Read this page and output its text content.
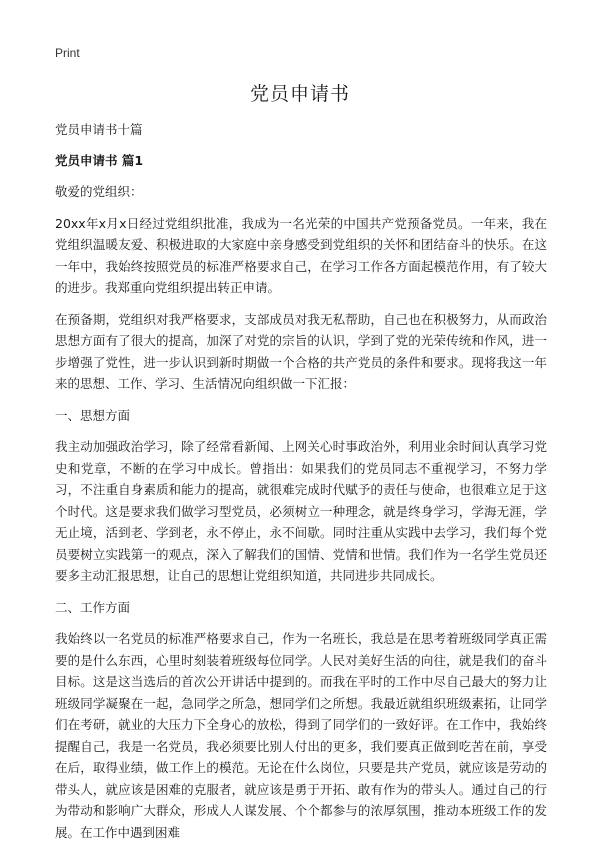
Print
党员申请书
党员申请书十篇
党员申请书 篇1

敬爱的党组织：

20xx年x月x日经过党组织批准，我成为一名光荣的中国共产党预备党员。一年来，我在党组织温暖友爱、积极进取的大家庭中亲身感受到党组织的关怀和团结奋斗的快乐。在这一年中，我始终按照党员的标准严格要求自己，在学习工作各方面起模范作用，有了较大的进步。我郑重向党组织提出转正申请。

在预备期，党组织对我严格要求，支部成员对我无私帮助，自己也在积极努力，从而政治思想方面有了很大的提高，加深了对党的宗旨的认识，学到了党的光荣传统和作风，进一步增强了党性，进一步认识到新时期做一个合格的共产党员的条件和要求。现将我这一年来的思想、工作、学习、生活情况向组织做一下汇报：

一、思想方面

我主动加强政治学习，除了经常看新闻、上网关心时事政治外，利用业余时间认真学习党史和党章，不断的在学习中成长。曾指出：如果我们的党员同志不重视学习，不努力学习，不注重自身素质和能力的提高，就很难完成时代赋予的责任与使命，也很难立足于这个时代。这是要求我们做学习型党员，必须树立一种理念，就是终身学习，学海无涯，学无止境，活到老、学到老，永不停止，永不间歇。同时注重从实践中去学习，我们每个党员要树立实践第一的观点，深入了解我们的国情、党情和世情。我们作为一名学生党员还要多主动汇报思想，让自己的思想让党组织知道，共同进步共同成长。

二、工作方面

我始终以一名党员的标准严格要求自己，作为一名班长，我总是在思考着班级同学真正需要的是什么东西，心里时刻装着班级每位同学。人民对美好生活的向往，就是我们的奋斗目标。这是这当选后的首次公开讲话中提到的。而我在平时的工作中尽自己最大的努力让班级同学凝聚在一起，急同学之所急，想同学们之所想。我最近就组织班级素拓，让同学们在考研，就业的大压力下全身心的放松，得到了同学们的一致好评。在工作中，我始终提醒自己，我是一名党员，我必须要比别人付出的更多，我们要真正做到吃苦在前，享受在后，取得业绩，做工作上的模范。无论在什么岗位，只要是共产党员，就应该是劳动的带头人，就应该是困难的克服者，就应该是勇于开拓、敢有作为的带头人。通过自己的行为带动和影响广大群众，形成人人谋发展、个个都参与的浓厚氛围，推动本班级工作的发展。在工作中遇到困难
